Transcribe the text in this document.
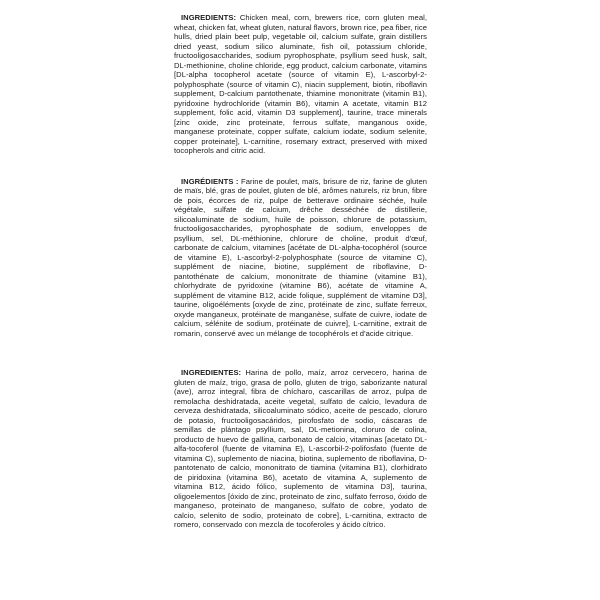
INGREDIENTS: Chicken meal, corn, brewers rice, corn gluten meal, wheat, chicken fat, wheat gluten, natural flavors, brown rice, pea fiber, rice hulls, dried plain beet pulp, vegetable oil, calcium sulfate, grain distillers dried yeast, sodium silico aluminate, fish oil, potassium chloride, fructooligosaccharides, sodium pyrophosphate, psyllium seed husk, salt, DL-methionine, choline chloride, egg product, calcium carbonate, vitamins [DL-alpha tocopherol acetate (source of vitamin E), L-ascorbyl-2-polyphosphate (source of vitamin C), niacin supplement, biotin, riboflavin supplement, D-calcium pantothenate, thiamine mononitrate (vitamin B1), pyridoxine hydrochloride (vitamin B6), vitamin A acetate, vitamin B12 supplement, folic acid, vitamin D3 supplement], taurine, trace minerals [zinc oxide, zinc proteinate, ferrous sulfate, manganous oxide, manganese proteinate, copper sulfate, calcium iodate, sodium selenite, copper proteinate], L-carnitine, rosemary extract, preserved with mixed tocopherols and citric acid.

INGRÉDIENTS : Farine de poulet, maïs, brisure de riz, farine de gluten de maïs, blé, gras de poulet, gluten de blé, arômes naturels, riz brun, fibre de pois, écorces de riz, pulpe de betterave ordinaire séchée, huile végétale, sulfate de calcium, drêche desséchée de distillerie, silicoaluminate de sodium, huile de poisson, chlorure de potassium, fructooligosaccharides, pyrophosphate de sodium, enveloppes de psyllium, sel, DL-méthionine, chlorure de choline, produit d'œuf, carbonate de calcium, vitamines [acétate de DL-alpha-tocophérol (source de vitamine E), L-ascorbyl-2-polyphosphate (source de vitamine C), supplément de niacine, biotine, supplément de riboflavine, D-pantothénate de calcium, mononitrate de thiamine (vitamine B1), chlorhydrate de pyridoxine (vitamine B6), acétate de vitamine A, supplément de vitamine B12, acide folique, supplément de vitamine D3], taurine, oligoéléments [oxyde de zinc, protéinate de zinc, sulfate ferreux, oxyde manganeux, protéinate de manganèse, sulfate de cuivre, iodate de calcium, sélénite de sodium, protéinate de cuivre], L-carnitine, extrait de romarin, conservé avec un mélange de tocophérols et d'acide citrique.

INGREDIENTES: Harina de pollo, maíz, arroz cervecero, harina de gluten de maíz, trigo, grasa de pollo, gluten de trigo, saborizante natural (ave), arroz integral, fibra de chícharo, cascarillas de arroz, pulpa de remolacha deshidratada, aceite vegetal, sulfato de calcio, levadura de cerveza deshidratada, silicoaluminato sódico, aceite de pescado, cloruro de potasio, fructooligosacáridos, pirofosfato de sodio, cáscaras de semillas de plántago psyllium, sal, DL-metionina, cloruro de colina, producto de huevo de gallina, carbonato de calcio, vitaminas [acetato DL-alfa-tocoferol (fuente de vitamina E), L-ascorbil-2-polifosfato (fuente de vitamina C), suplemento de niacina, biotina, suplemento de riboflavina, D-pantotenato de calcio, mononitrato de tiamina (vitamina B1), clorhidrato de piridoxina (vitamina B6), acetato de vitamina A, suplemento de vitamina B12, ácido fólico, suplemento de vitamina D3], taurina, oligoelementos [óxido de zinc, proteinato de zinc, sulfato ferroso, óxido de manganeso, proteinato de manganeso, sulfato de cobre, yodato de calcio, selenito de sodio, proteinato de cobre], L-carnitina, extracto de romero, conservado con mezcla de tocoferoles y ácido cítrico.
